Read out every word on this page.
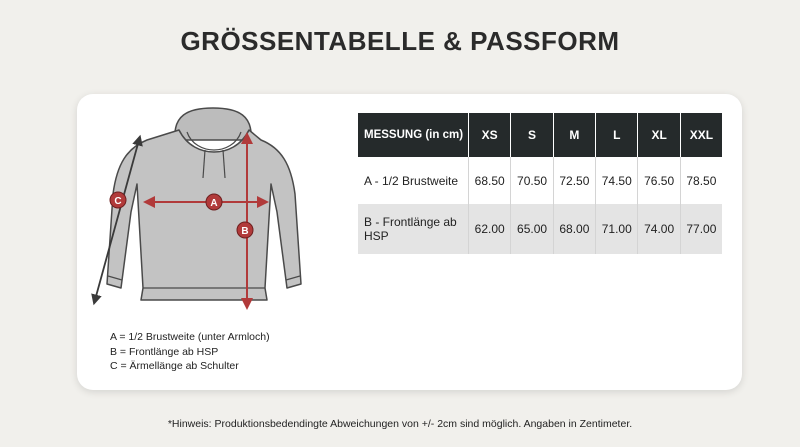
GRÖSSENTABELLE & PASSFORM
A
B
C
A = 1/2 Brustweite (unter Armloch)
B = Frontlänge ab HSP
C = Ärmellänge ab Schulter
MESSUNG (in cm)	XS	S	M	L	XL	XXL
A - 1/2 Brustweite	68.50	70.50	72.50	74.50	76.50	78.50
B - Frontlänge ab HSP	62.00	65.00	68.00	71.00	74.00	77.00
*Hinweis: Produktionsbedendingte Abweichungen von +/- 2cm sind möglich. Angaben in Zentimeter.
